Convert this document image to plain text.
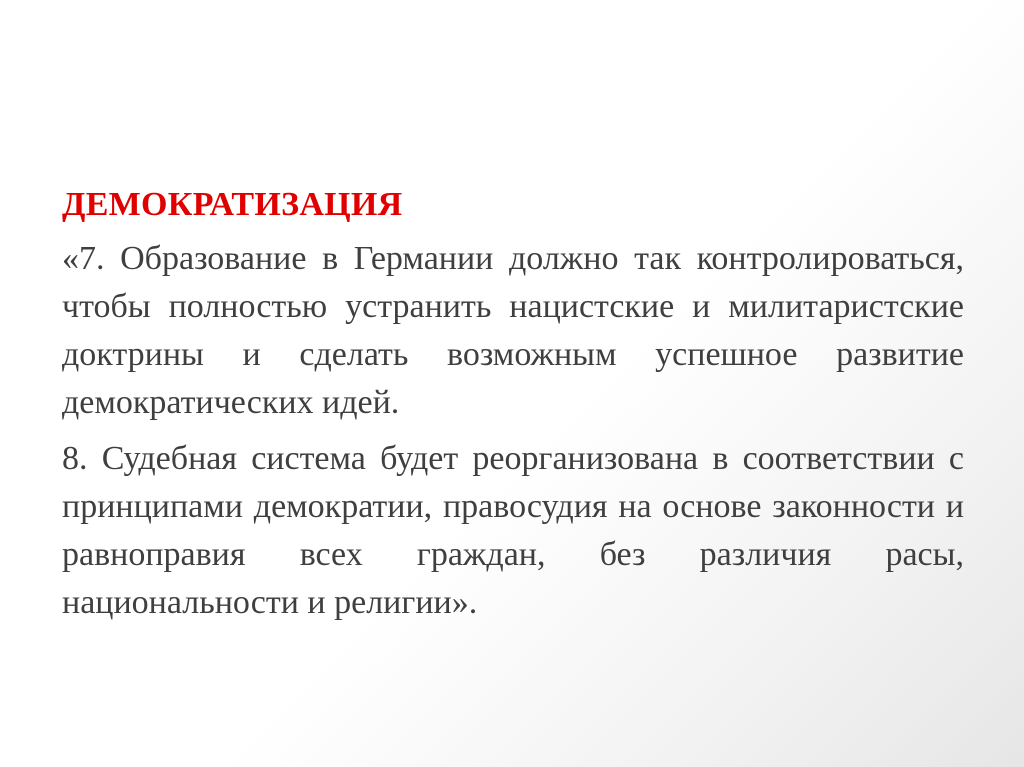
ДЕМОКРАТИЗАЦИЯ

«7. Образование в Германии должно так контролироваться, чтобы полностью устранить нацистские и милитаристские доктрины и сделать возможным успешное развитие демократических идей.

8. Судебная система будет реорганизована в соответствии с принципами демократии, правосудия на основе законности и равноправия всех граждан, без различия расы, национальности и религии».
